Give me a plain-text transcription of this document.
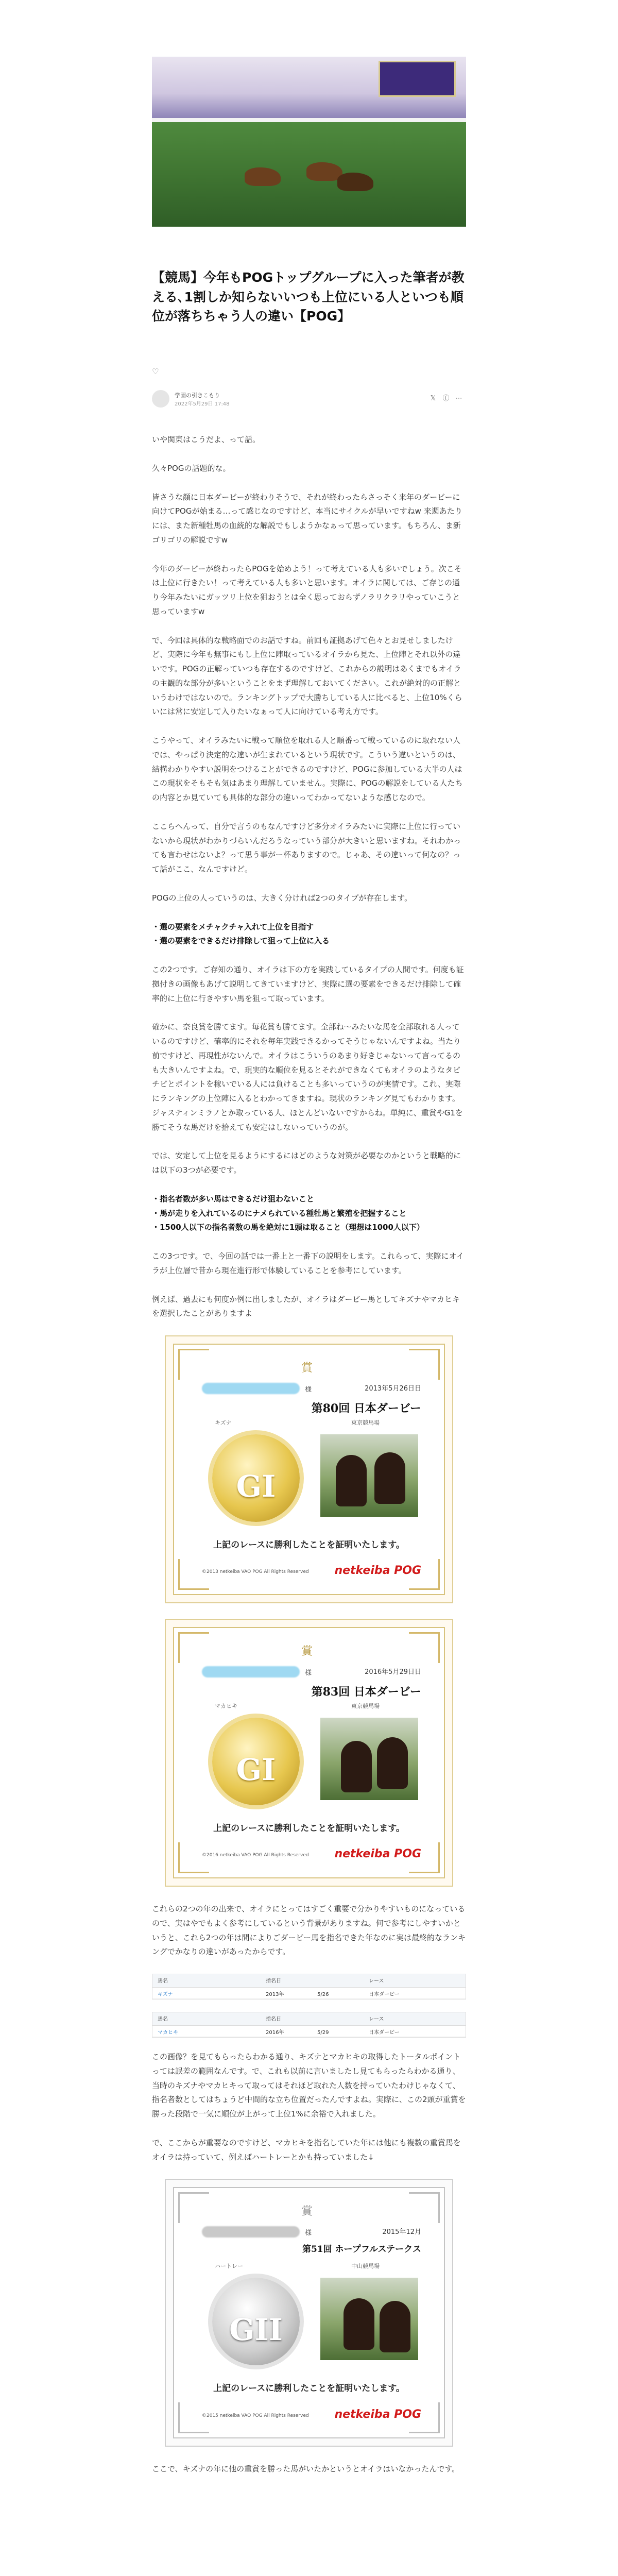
【競馬】今年もPOGトップグループに入った筆者が教える､1割しか知らないいつも上位にいる人といつも順位が落ちちゃう人の違い【POG】
♡
学園の引きこもり
2022年5月29日 17:48
𝕏	ⓕ ⋯

いや関東はこうだよ、って話。

久々POGの話題的な。

皆さうな顔に日本ダービーが終わりそうで、それが終わったらさっそく来年のダービーに向けてPOGが始まる…って感じなのですけど、本当にサイクルが早いですねw 来週あたりには、また新種牡馬の血統的な解説でもしようかなぁって思っています。もちろん、ま新ゴリゴリの解説ですw

今年のダービーが終わったらPOGを始めよう！って考えている人も多いでしょう。次こそは上位に行きたい！って考えている人も多いと思います。オイラに関しては、ご存じの通り今年みたいにガッツリ上位を狙おうとは全く思っておらずノラリクラリやっていこうと思っていますw

で、今回は具体的な戦略面でのお話ですね。前回も証拠あげて色々とお見せしましたけど、実際に今年も無事にもし上位に陣取っているオイラから見た、上位陣とそれ以外の違いです。POGの正解っていつも存在するのですけど、これからの説明はあくまでもオイラの主観的な部分が多いということをまず理解しておいてください。これが絶対的の正解というわけではないので。ランキングトップで大勝ちしている人に比べると、上位10%くらいには常に安定して入りたいなぁって人に向けている考え方です。

こうやって、オイラみたいに戦って順位を取れる人と順番って戦っているのに取れない人では、やっぱり決定的な違いが生まれているという現状です。こういう違いというのは、結構わかりやすい説明をつけることができるのですけど、POGに参加している大半の人はこの現状をそもそも気はあまり理解していません。実際に、POGの解説をしている人たちの内容とか見ていても具体的な部分の違いってわかってないような感じなので。

ここらへんって、自分で言うのもなんですけど多分オイラみたいに実際に上位に行っていないから現状がわかりづらいんだろうなっていう部分が大きいと思いますね。それわかっても言わせはないよ？って思う事がー杯ありますので。じゃあ、その違いって何なの？って話がここ、なんですけど。

POGの上位の人っていうのは、大きく分ければ2つのタイプが存在します。

・選の要素をメチャクチャ入れて上位を目指す
・選の要素をできるだけ排除して狙って上位に入る

この2つです。ご存知の通り、オイラは下の方を実践しているタイプの人間です。何度も証拠付きの画像もあげて説明してきていますけど、実際に選の要素をできるだけ排除して確率的に上位に行きやすい馬を狙って取っています。

確かに、奈良賞を勝てます。毎花賞も勝てます。全部ね～みたいな馬を全部取れる人っているのですけど、確率的にそれを毎年実践できるかってそうじゃないんですよね。当たり前ですけど、再現性がないんで。オイラはこういうのあまり好きじゃないって言ってるのも大きいんですよね。で、現実的な順位を見るとそれができなくてもオイラのようなタビチビとポイントを稼いでいる人には負けることも多いっていうのが実情です。これ、実際にランキングの上位陣に入るとわかってきますね。現状のランキング見てもわかります。ジャスティンミラノとか取っている人、ほとんどいないですからね。単純に、重賞やG1を勝てそうな馬だけを拾えても安定はしないっていうのが。

では、安定して上位を見るようにするにはどのような対策が必要なのかというと戦略的には以下の3つが必要です。

・指名者数が多い馬はできるだけ狙わないこと
・馬が走りを入れているのにナメられている種牡馬と繁殖を把握すること
・1500人以下の指名者数の馬を絶対に1頭は取ること（理想は1000人以下）

この3つです。で、今回の話では一番上と一番下の説明をします。これらって、実際にオイラが上位層で昔から現在進行形で体験していることを参考にしています。

例えば、過去にも何度か例に出しましたが、オイラはダービー馬としてキズナやマカヒキを選択したことがありますよ

賞
様	2013年5月26日日
第80回 日本ダービー
キズナ	東京競馬場
GI
上記のレースに勝利したことを証明いたします。
©2013 netkeiba VAO POG All Rights Reserved netkeiba POG
賞
様	2016年5月29日日
第83回 日本ダービー
マカヒキ	東京競馬場
GI
上記のレースに勝利したことを証明いたします。
©2016 netkeiba VAO POG All Rights Reserved netkeiba POG

これらの2つの年の出来で、オイラにとってはすごく重要で分かりやすいものになっているので、実はやでもよく参考にしているという背景がありますね。何で参考にしやすいかというと、これら2つの年は間によりごダービー馬を指名できた年なのに実は最終的なランキングでかなりの違いがあったからです。

馬名	指名日	レース
キズナ	2013年	5/26	日本ダービー
馬名	指名日	レース
マカヒキ	2016年	5/29	日本ダービー

この画像？を見てもらったらわかる通り、キズナとマカヒキの取得したトータルポイントっては誤差の範囲なんです。で、これも以前に言いましたし見てもらったらわかる通り、当時のキズナやマカヒキって取ってはそれほど取れた人数を持っていたわけじゃなくて、指名者数としてはちょうど中間的な立ち位置だったんですよね。実際に、この2頭が重賞を勝った段階で一気に順位が上がって上位1%に余裕で入れました。

で、ここからが重要なのですけど、マカヒキを指名していた年には他にも複数の重賞馬をオイラは持っていて、例えばハートレーとかも持っていました↓

賞
様	2015年12月
第51回 ホープフルステークス
ハートレー	中山競馬場
GII
上記のレースに勝利したことを証明いたします。
©2015 netkeiba VAO POG All Rights Reserved netkeiba POG

ここで、キズナの年に他の重賞を勝った馬がいたかというとオイラはいなかったんです。
